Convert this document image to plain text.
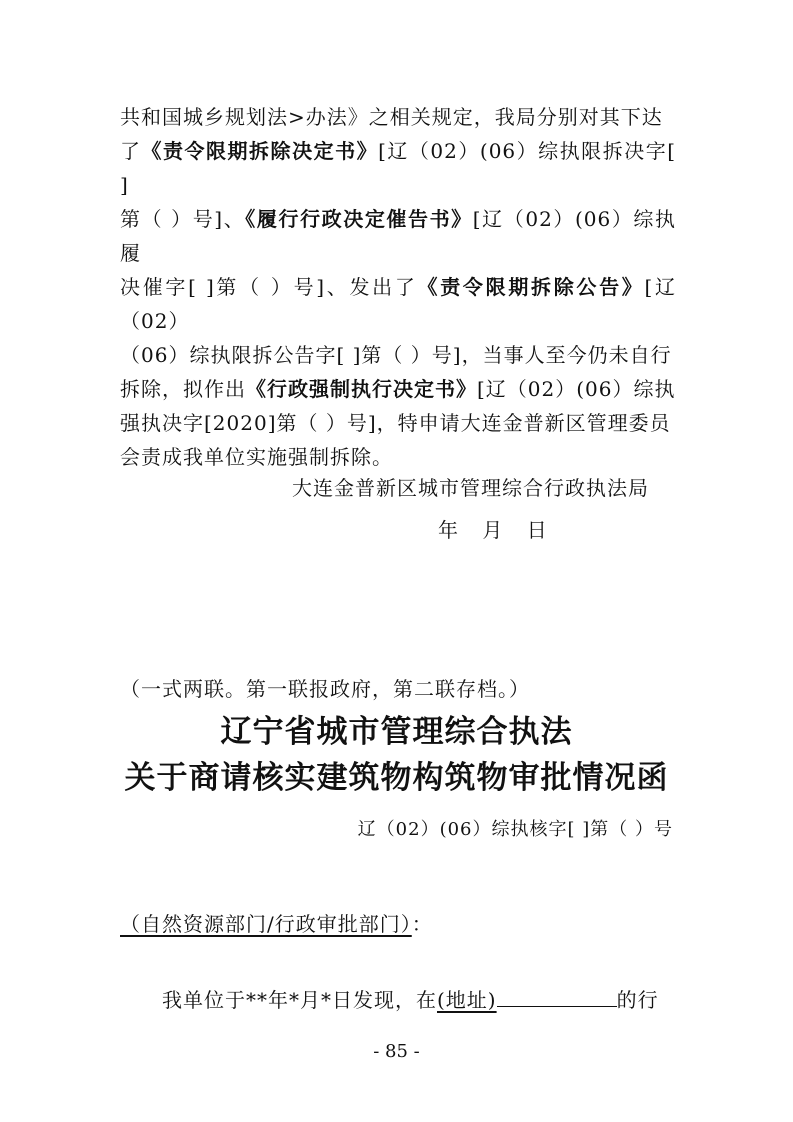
共和国城乡规划法>办法》之相关规定，我局分别对其下达
了《责令限期拆除决定书》[辽（02）(06）综执限拆决字[ ]
第（ ）号]、《履行行政决定催告书》[辽（02）(06）综执履
决催字[ ]第（ ）号]、发出了《责令限期拆除公告》[辽（02）
（06）综执限拆公告字[ ]第（ ）号]，当事人至今仍未自行
拆除，拟作出《行政强制执行决定书》[辽（02）(06）综执
强执决字[2020]第（ ）号]，特申请大连金普新区管理委员
会责成我单位实施强制拆除。
大连金普新区城市管理综合行政执法局
年 月 日
（一式两联。第一联报政府，第二联存档。）
辽宁省城市管理综合执法
关于商请核实建筑物构筑物审批情况函
辽（02）(06）综执核字[ ]第（ ）号
（自然资源部门/行政审批部门）：
我单位于**年*月*日发现，在(地址)	的行
- 85 -
